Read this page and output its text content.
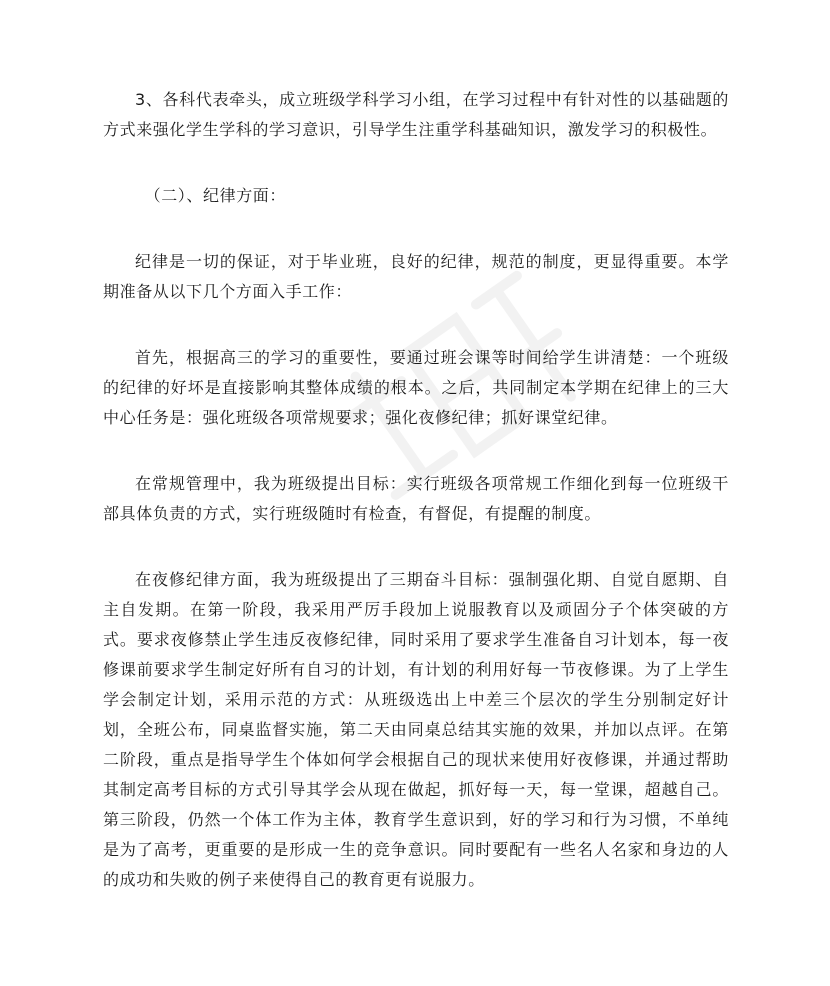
3、各科代表牵头，成立班级学科学习小组，在学习过程中有针对性的以基础题的方式来强化学生学科的学习意识，引导学生注重学科基础知识，激发学习的积极性。

（二）、纪律方面：

纪律是一切的保证，对于毕业班，良好的纪律，规范的制度，更显得重要。本学期准备从以下几个方面入手工作：

首先，根据高三的学习的重要性，要通过班会课等时间给学生讲清楚：一个班级的纪律的好坏是直接影响其整体成绩的根本。之后，共同制定本学期在纪律上的三大中心任务是：强化班级各项常规要求；强化夜修纪律；抓好课堂纪律。

在常规管理中，我为班级提出目标：实行班级各项常规工作细化到每一位班级干部具体负责的方式，实行班级随时有检查，有督促，有提醒的制度。

在夜修纪律方面，我为班级提出了三期奋斗目标：强制强化期、自觉自愿期、自主自发期。在第一阶段，我采用严厉手段加上说服教育以及顽固分子个体突破的方式。要求夜修禁止学生违反夜修纪律，同时采用了要求学生准备自习计划本，每一夜修课前要求学生制定好所有自习的计划，有计划的利用好每一节夜修课。为了上学生学会制定计划，采用示范的方式：从班级选出上中差三个层次的学生分别制定好计划，全班公布，同桌监督实施，第二天由同桌总结其实施的效果，并加以点评。在第二阶段，重点是指导学生个体如何学会根据自己的现状来使用好夜修课，并通过帮助其制定高考目标的方式引导其学会从现在做起，抓好每一天，每一堂课，超越自己。第三阶段，仍然一个体工作为主体，教育学生意识到，好的学习和行为习惯，不单纯是为了高考，更重要的是形成一生的竞争意识。同时要配有一些名人名家和身边的人的成功和失败的例子来使得自己的教育更有说服力。
